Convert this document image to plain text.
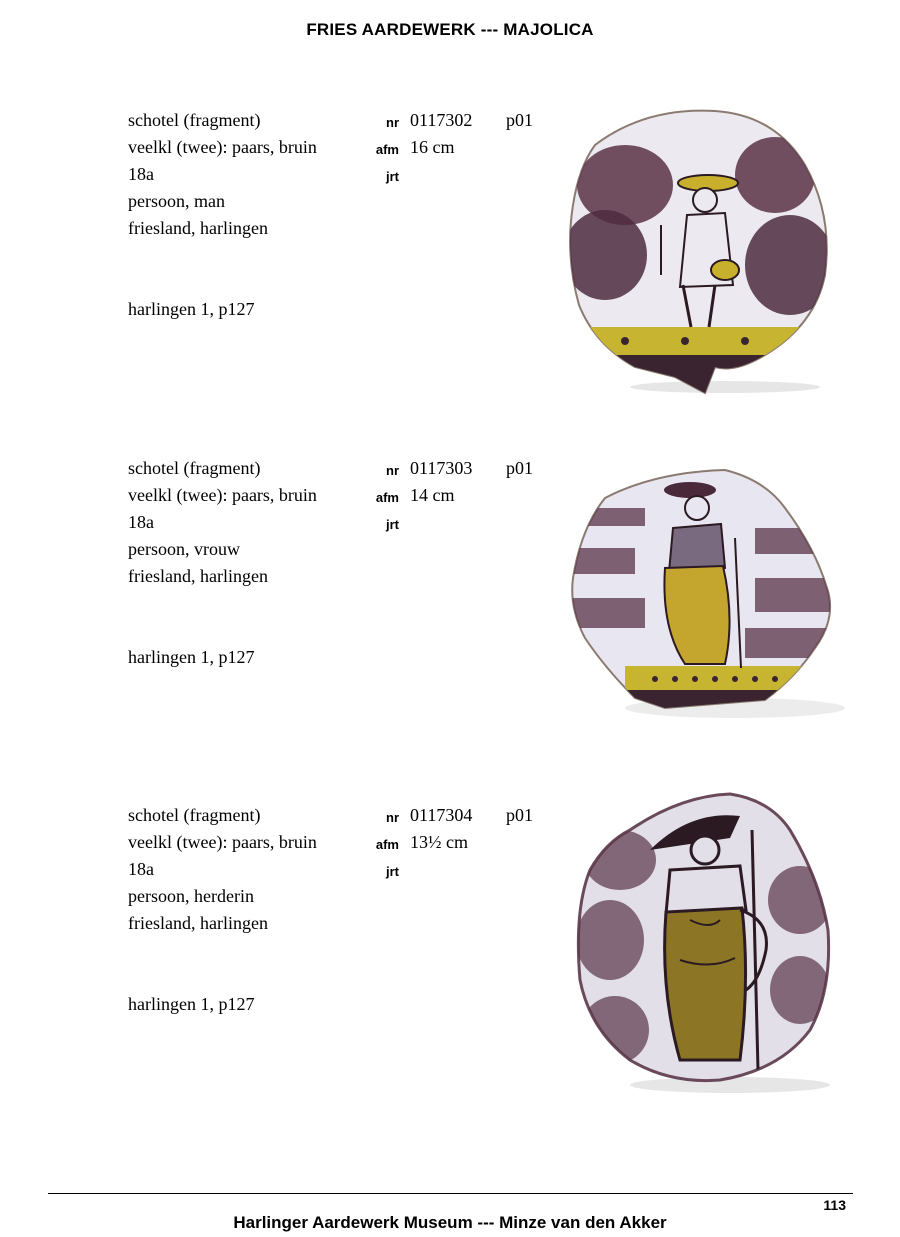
FRIES AARDEWERK --- MAJOLICA
schotel (fragment)	nr 0117302 p01
veelkl (twee): paars, bruin	afm 16 cm
18a	jrt
persoon, man
friesland, harlingen
harlingen 1, p127
schotel (fragment)	nr 0117303 p01
veelkl (twee): paars, bruin	afm 14 cm
18a	jrt
persoon, vrouw
friesland, harlingen
harlingen 1, p127
schotel (fragment)	nr 0117304 p01
veelkl (twee): paars, bruin	afm 13½ cm
18a	jrt
persoon, herderin
friesland, harlingen
harlingen 1, p127
113
Harlinger Aardewerk Museum --- Minze van den Akker
